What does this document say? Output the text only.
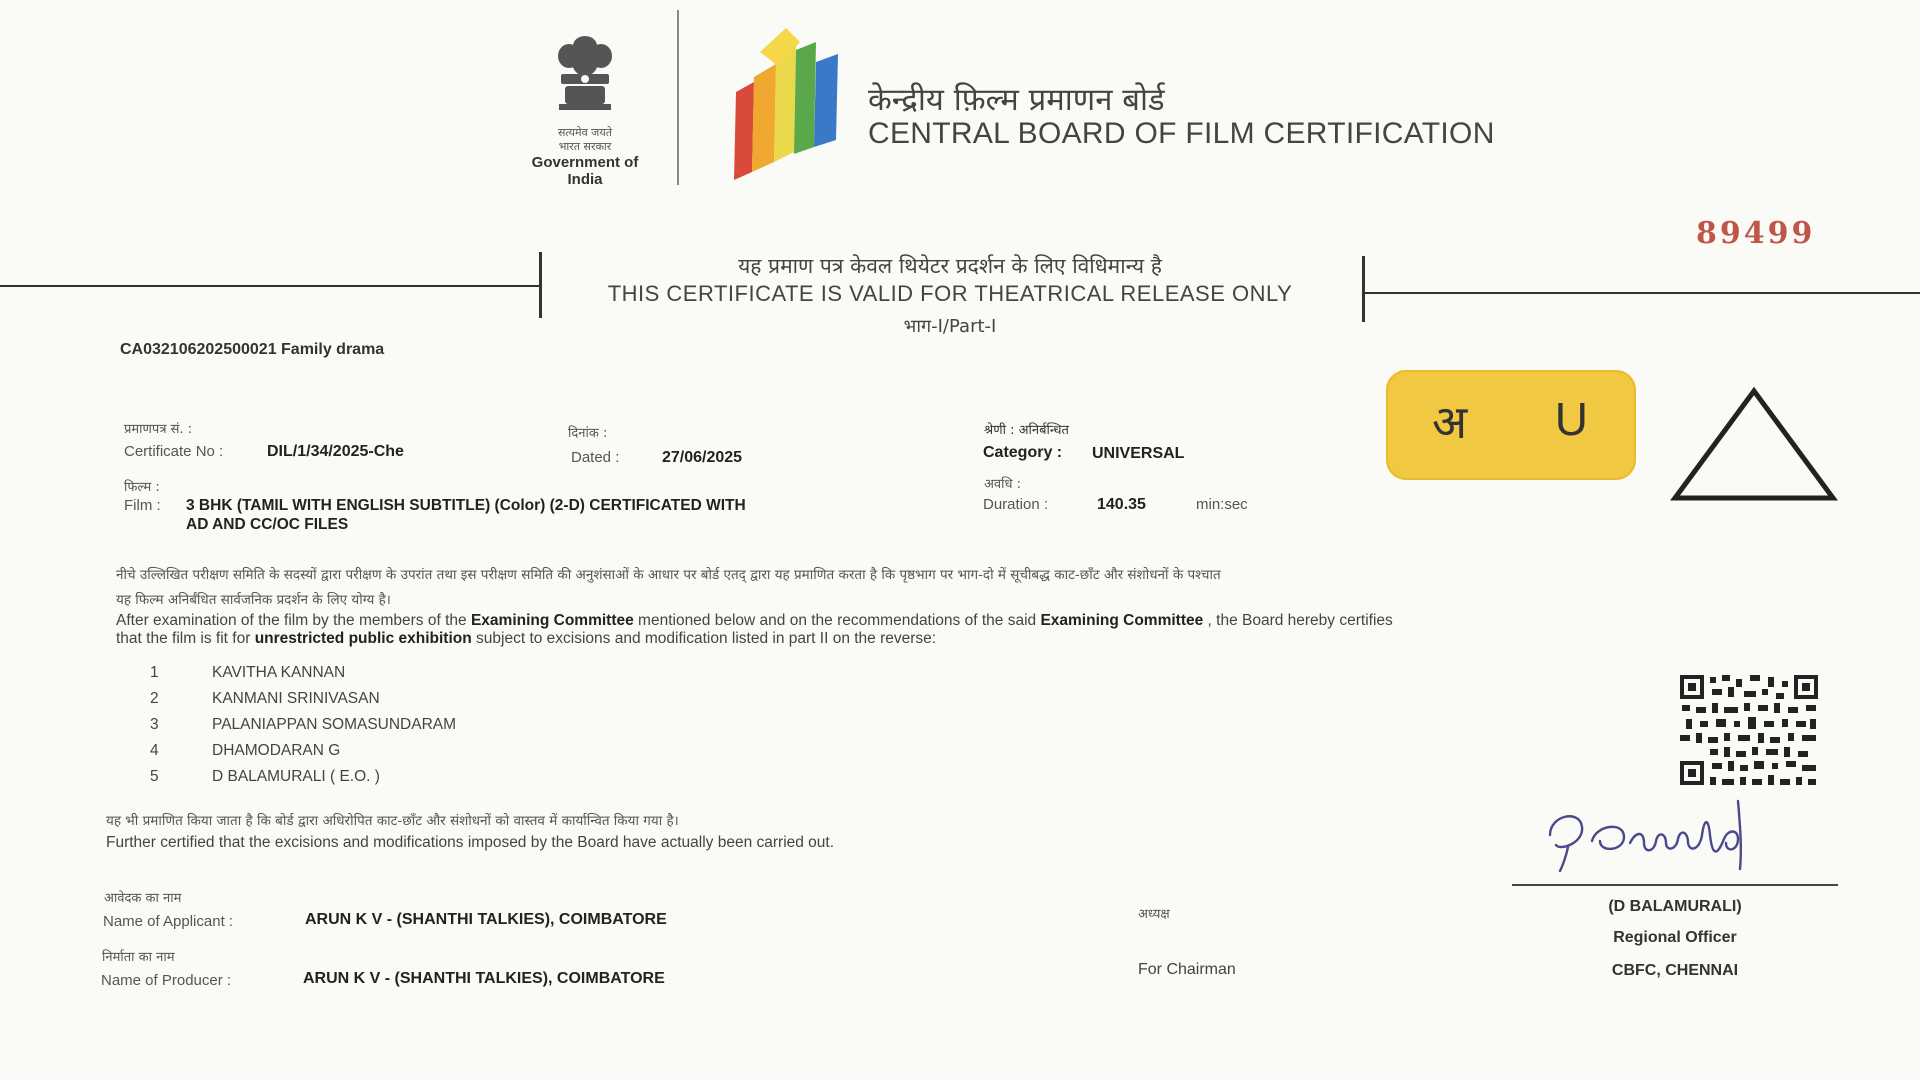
सत्यमेव जयते
भारत सरकार
Government of India
केन्द्रीय फ़िल्म प्रमाणन बोर्ड
CENTRAL BOARD OF FILM CERTIFICATION
89499
यह प्रमाण पत्र केवल थियेटर प्रदर्शन के लिए विधिमान्य है
THIS CERTIFICATE IS VALID FOR THEATRICAL RELEASE ONLY
भाग-I/Part-I
CA032106202500021 Family drama
प्रमाणपत्र सं. :
Certificate No :	DIL/1/34/2025-Che
दिनांक :
Dated :	27/06/2025
श्रेणी : अनिर्बन्धित
Category : UNIVERSAL
फिल्म :
Film : 3 BHK (TAMIL WITH ENGLISH SUBTITLE) (Color) (2-D) CERTIFICATED WITH
AD AND CC/OC FILES
अवधि :
Duration :	140.35	min:sec
अ U
नीचे उल्लिखित परीक्षण समिति के सदस्यों द्वारा परीक्षण के उपरांत तथा इस परीक्षण समिति की अनुशंसाओं के आधार पर बोर्ड एतद् द्वारा यह प्रमाणित करता है कि पृष्ठभाग पर भाग-दो में सूचीबद्ध काट-छाँट और संशोधनों के पश्चात
यह फिल्म अनिर्बंधित सार्वजनिक प्रदर्शन के लिए योग्य है।
After examination of the film by the members of the Examining Committee mentioned below and on the recommendations of the said Examining Committee , the Board hereby certifies
that the film is fit for unrestricted public exhibition subject to excisions and modification listed in part II on the reverse:
1	KAVITHA KANNAN
2	KANMANI SRINIVASAN
3	PALANIAPPAN SOMASUNDARAM
4	DHAMODARAN G
5	D BALAMURALI ( E.O. )
यह भी प्रमाणित किया जाता है कि बोर्ड द्वारा अधिरोपित काट-छाँट और संशोधनों को वास्तव में कार्यान्वित किया गया है।
Further certified that the excisions and modifications imposed by the Board have actually been carried out.
(D BALAMURALI)
Regional Officer
CBFC, CHENNAI
आवेदक का नाम
Name of Applicant :	ARUN K V - (SHANTHI TALKIES), COIMBATORE
निर्माता का नाम
Name of Producer :	ARUN K V - (SHANTHI TALKIES), COIMBATORE
अध्यक्ष
For Chairman
